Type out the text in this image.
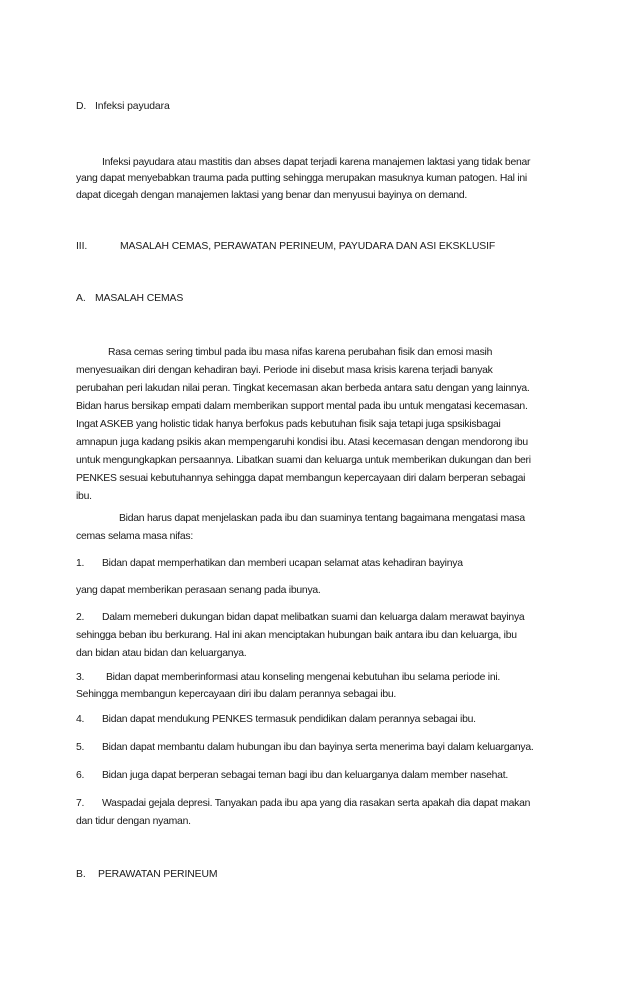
D. Infeksi payudara
Infeksi payudara atau mastitis dan abses dapat terjadi karena manajemen laktasi yang tidak benar
yang dapat menyebabkan trauma pada putting sehingga merupakan masuknya kuman patogen. Hal ini
dapat dicegah dengan manajemen laktasi yang benar dan menyusui bayinya on demand.
III.	MASALAH CEMAS, PERAWATAN PERINEUM, PAYUDARA DAN ASI EKSKLUSIF
A. MASALAH CEMAS
Rasa cemas sering timbul pada ibu masa nifas karena perubahan fisik dan emosi masih
menyesuaikan diri dengan kehadiran bayi. Periode ini disebut masa krisis karena terjadi banyak
perubahan peri lakudan nilai peran. Tingkat kecemasan akan berbeda antara satu dengan yang lainnya.
Bidan harus bersikap empati dalam memberikan support mental pada ibu untuk mengatasi kecemasan.
Ingat ASKEB yang holistic tidak hanya berfokus pads kebutuhan fisik saja tetapi juga spsikisbagai
amnapun juga kadang psikis akan mempengaruhi kondisi ibu. Atasi kecemasan dengan mendorong ibu
untuk mengungkapkan persaannya. Libatkan suami dan keluarga untuk memberikan dukungan dan beri
PENKES sesuai kebutuhannya sehingga dapat membangun kepercayaan diri dalam berperan sebagai
ibu.
Bidan harus dapat menjelaskan pada ibu dan suaminya tentang bagaimana mengatasi masa
cemas selama masa nifas:
1. Bidan dapat memperhatikan dan memberi ucapan selamat atas kehadiran bayinya
yang dapat memberikan perasaan senang pada ibunya.
2. Dalam memeberi dukungan bidan dapat melibatkan suami dan keluarga dalam merawat bayinya
sehingga beban ibu berkurang. Hal ini akan menciptakan hubungan baik antara ibu dan keluarga, ibu
dan bidan atau bidan dan keluarganya.
3. Bidan dapat memberinformasi atau konseling mengenai kebutuhan ibu selama periode ini.
Sehingga membangun kepercayaan diri ibu dalam perannya sebagai ibu.
4. Bidan dapat mendukung PENKES termasuk pendidikan dalam perannya sebagai ibu.
5. Bidan dapat membantu dalam hubungan ibu dan bayinya serta menerima bayi dalam keluarganya.
6. Bidan juga dapat berperan sebagai teman bagi ibu dan keluarganya dalam member nasehat.
7. Waspadai gejala depresi. Tanyakan pada ibu apa yang dia rasakan serta apakah dia dapat makan
dan tidur dengan nyaman.
B. PERAWATAN PERINEUM
